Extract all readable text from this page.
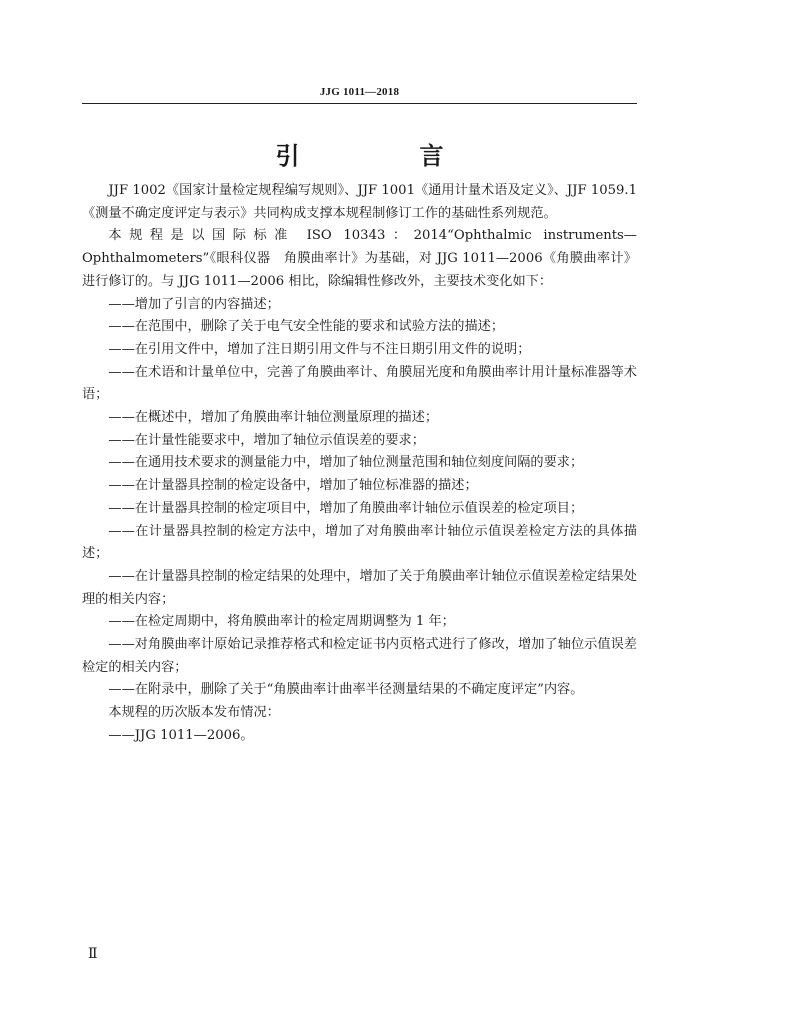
JJG 1011—2018
引　言

JJF 1002《国家计量检定规程编写规则》、JJF 1001《通用计量术语及定义》、JJF 1059.1《测量不确定度评定与表示》共同构成支撑本规程制修订工作的基础性系列规范。

本规程是以国际标准 ISO 10343：2014“Ophthalmic instruments—Ophthalmometers”《眼科仪器　角膜曲率计》为基础，对 JJG 1011—2006《角膜曲率计》进行修订的。与 JJG 1011—2006 相比，除编辑性修改外，主要技术变化如下：

——增加了引言的内容描述；

——在范围中，删除了关于电气安全性能的要求和试验方法的描述；

——在引用文件中，增加了注日期引用文件与不注日期引用文件的说明；

——在术语和计量单位中，完善了角膜曲率计、角膜屈光度和角膜曲率计用计量标准器等术语；

——在概述中，增加了角膜曲率计轴位测量原理的描述；

——在计量性能要求中，增加了轴位示值误差的要求；

——在通用技术要求的测量能力中，增加了轴位测量范围和轴位刻度间隔的要求；

——在计量器具控制的检定设备中，增加了轴位标准器的描述；

——在计量器具控制的检定项目中，增加了角膜曲率计轴位示值误差的检定项目；

——在计量器具控制的检定方法中，增加了对角膜曲率计轴位示值误差检定方法的具体描述；

——在计量器具控制的检定结果的处理中，增加了关于角膜曲率计轴位示值误差检定结果处理的相关内容；

——在检定周期中，将角膜曲率计的检定周期调整为 1 年；

——对角膜曲率计原始记录推荐格式和检定证书内页格式进行了修改，增加了轴位示值误差检定的相关内容；

——在附录中，删除了关于“角膜曲率计曲率半径测量结果的不确定度评定”内容。

本规程的历次版本发布情况：

——JJG 1011—2006。

Ⅱ
